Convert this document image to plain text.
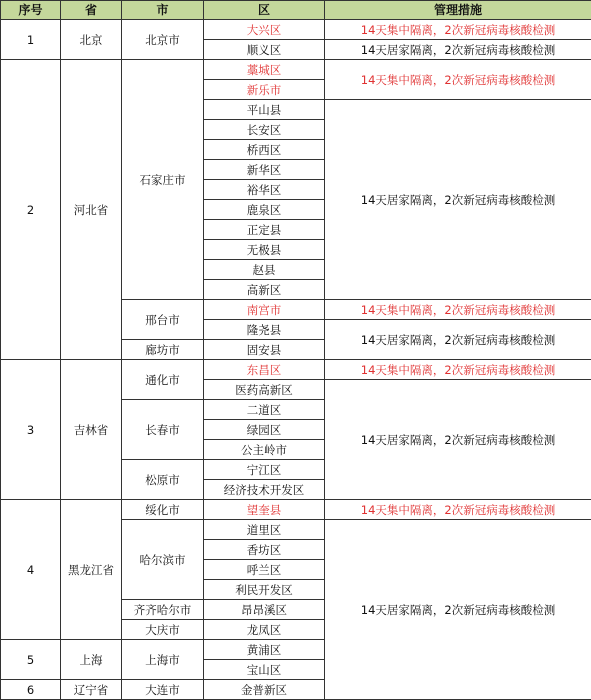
序号	省	市	区	管理措施
1	北京	北京市	大兴区	14天集中隔离，2次新冠病毒核酸检测
			顺义区	14天居家隔离，2次新冠病毒核酸检测
2	河北省	石家庄市	藁城区	14天集中隔离，2次新冠病毒核酸检测
			新乐市	
			平山县	14天居家隔离，2次新冠病毒核酸检测
			长安区	
			桥西区	
			新华区	
			裕华区	
			鹿泉区	
			正定县	
			无极县	
			赵县	
			高新区	
		邢台市	南宫市	14天集中隔离，2次新冠病毒核酸检测
			隆尧县	14天居家隔离，2次新冠病毒核酸检测
		廊坊市	固安县	
3	吉林省	通化市	东昌区	14天集中隔离，2次新冠病毒核酸检测
			医药高新区	14天居家隔离，2次新冠病毒核酸检测
		长春市	二道区	
			绿园区	
			公主岭市	
		松原市	宁江区	
			经济技术开发区	
4	黑龙江省	绥化市	望奎县	14天集中隔离，2次新冠病毒核酸检测
		哈尔滨市	道里区	14天居家隔离，2次新冠病毒核酸检测
			香坊区	
			呼兰区	
			利民开发区	
		齐齐哈尔市	昂昂溪区	
		大庆市	龙凤区	
5	上海	上海市	黄浦区	
			宝山区	
6	辽宁省	大连市	金普新区	
